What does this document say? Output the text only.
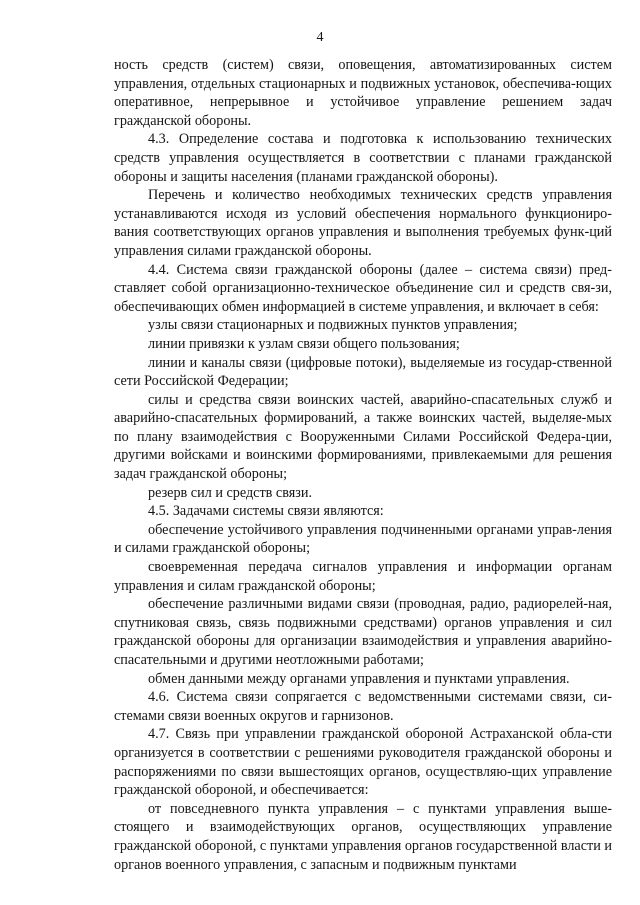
4

ность средств (систем) связи, оповещения, автоматизированных систем управления, отдельных стационарных и подвижных установок, обеспечива-ющих оперативное, непрерывное и устойчивое управление решением задач гражданской обороны.

4.3. Определение состава и подготовка к использованию технических средств управления осуществляется в соответствии с планами гражданской обороны и защиты населения (планами гражданской обороны).

Перечень и количество необходимых технических средств управления устанавливаются исходя из условий обеспечения нормального функциониро-вания соответствующих органов управления и выполнения требуемых функ-ций управления силами гражданской обороны.

4.4. Система связи гражданской обороны (далее – система связи) пред-ставляет собой организационно-техническое объединение сил и средств свя-зи, обеспечивающих обмен информацией в системе управления, и включает в себя:

узлы связи стационарных и подвижных пунктов управления;

линии привязки к узлам связи общего пользования;

линии и каналы связи (цифровые потоки), выделяемые из государ-ственной сети Российской Федерации;

силы и средства связи воинских частей, аварийно-спасательных служб и аварийно-спасательных формирований, а также воинских частей, выделяе-мых по плану взаимодействия с Вооруженными Силами Российской Федера-ции, другими войсками и воинскими формированиями, привлекаемыми для решения задач гражданской обороны;

резерв сил и средств связи.

4.5. Задачами системы связи являются:

обеспечение устойчивого управления подчиненными органами управ-ления и силами гражданской обороны;

своевременная передача сигналов управления и информации органам управления и силам гражданской обороны;

обеспечение различными видами связи (проводная, радио, радиорелей-ная, спутниковая связь, связь подвижными средствами) органов управления и сил гражданской обороны для организации взаимодействия и управления аварийно-спасательными и другими неотложными работами;

обмен данными между органами управления и пунктами управления.

4.6. Система связи сопрягается с ведомственными системами связи, си-стемами связи военных округов и гарнизонов.

4.7. Связь при управлении гражданской обороной Астраханской обла-сти организуется в соответствии с решениями руководителя гражданской обороны и распоряжениями по связи вышестоящих органов, осуществляю-щих управление гражданской обороной, и обеспечивается:

от повседневного пункта управления – с пунктами управления выше-стоящего и взаимодействующих органов, осуществляющих управление гражданской обороной, с пунктами управления органов государственной власти и органов военного управления, с запасным и подвижным пунктами
